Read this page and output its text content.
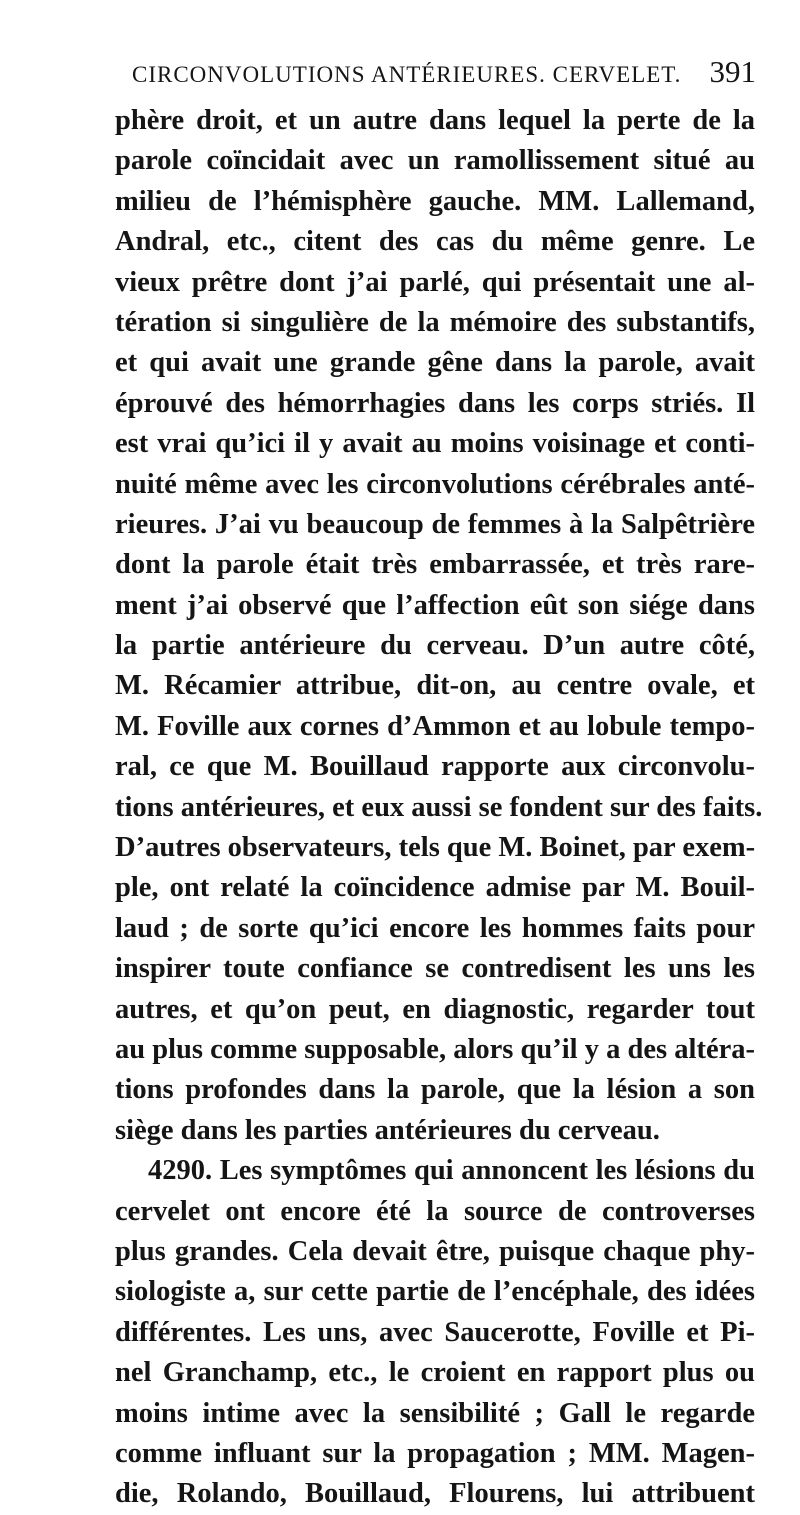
CIRCONVOLUTIONS ANTÉRIEURES. CERVELET. 391
phère droit, et un autre dans lequel la perte de la
parole coïncidait avec un ramollissement situé au
milieu de l’hémisphère gauche. MM. Lallemand,
Andral, etc., citent des cas du même genre. Le
vieux prêtre dont j’ai parlé, qui présentait une al-
tération si singulière de la mémoire des substantifs,
et qui avait une grande gêne dans la parole, avait
éprouvé des hémorrhagies dans les corps striés. Il
est vrai qu’ici il y avait au moins voisinage et conti-
nuité même avec les circonvolutions cérébrales anté-
rieures. J’ai vu beaucoup de femmes à la Salpêtrière
dont la parole était très embarrassée, et très rare-
ment j’ai observé que l’affection eût son siége dans
la partie antérieure du cerveau. D’un autre côté,
M. Récamier attribue, dit-on, au centre ovale, et
M. Foville aux cornes d’Ammon et au lobule tempo-
ral, ce que M. Bouillaud rapporte aux circonvolu-
tions antérieures, et eux aussi se fondent sur des faits.
D’autres observateurs, tels que M. Boinet, par exem-
ple, ont relaté la coïncidence admise par M. Bouil-
laud ; de sorte qu’ici encore les hommes faits pour
inspirer toute confiance se contredisent les uns les
autres, et qu’on peut, en diagnostic, regarder tout
au plus comme supposable, alors qu’il y a des altéra-
tions profondes dans la parole, que la lésion a son
siège dans les parties antérieures du cerveau.
4290. Les symptômes qui annoncent les lésions du
cervelet ont encore été la source de controverses
plus grandes. Cela devait être, puisque chaque phy-
siologiste a, sur cette partie de l’encéphale, des idées
différentes. Les uns, avec Saucerotte, Foville et Pi-
nel Granchamp, etc., le croient en rapport plus ou
moins intime avec la sensibilité ; Gall le regarde
comme influant sur la propagation ; MM. Magen-
die, Rolando, Bouillaud, Flourens, lui attribuent
